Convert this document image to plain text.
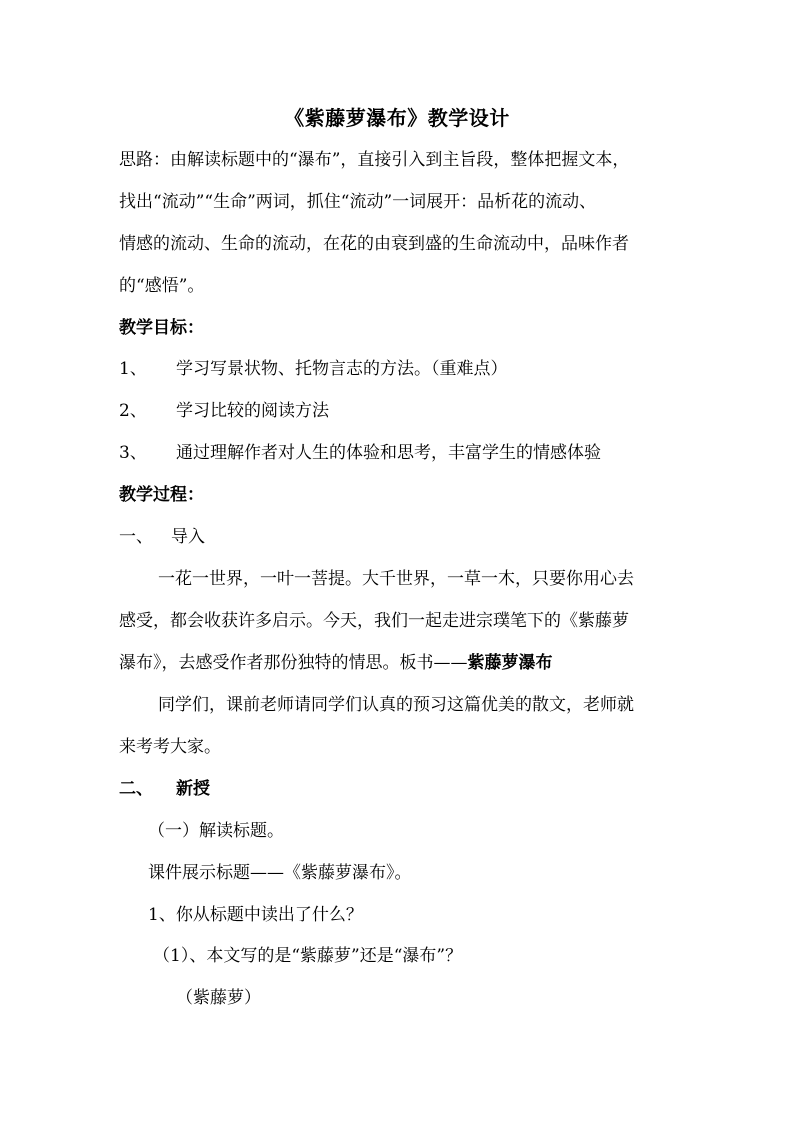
《紫藤萝瀑布》教学设计
思路：由解读标题中的“瀑布”，直接引入到主旨段，整体把握文本，
找出“流动”“生命”两词，抓住“流动”一词展开：品析花的流动、
情感的流动、生命的流动，在花的由衰到盛的生命流动中，品味作者
的“感悟”。
教学目标：
1、 学习写景状物、托物言志的方法。（重难点）
2、 学习比较的阅读方法
3、 通过理解作者对人生的体验和思考，丰富学生的情感体验
教学过程：
一、 导入
一花一世界，一叶一菩提。大千世界，一草一木，只要你用心去
感受，都会收获许多启示。今天，我们一起走进宗璞笔下的《紫藤萝
瀑布》，去感受作者那份独特的情思。板书——紫藤萝瀑布
同学们，课前老师请同学们认真的预习这篇优美的散文，老师就
来考考大家。
二、 新授
（一）解读标题。
课件展示标题——《紫藤萝瀑布》。
1、你从标题中读出了什么？
（1）、本文写的是“紫藤萝”还是“瀑布”？
（紫藤萝）
